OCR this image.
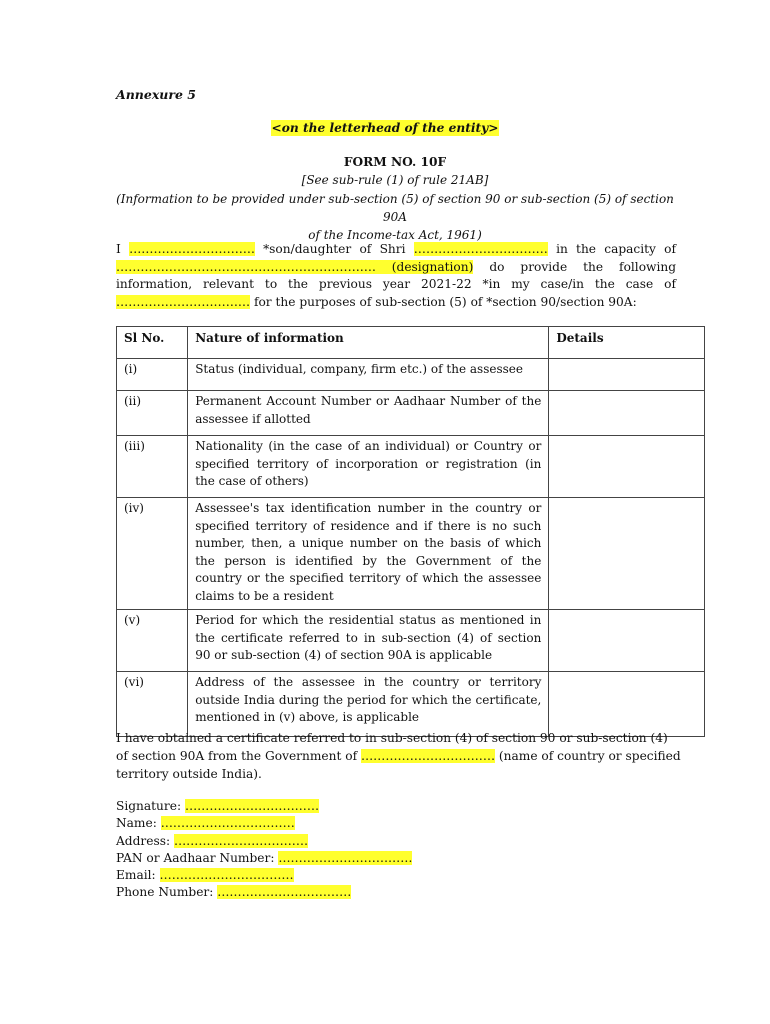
Annexure 5
<on the letterhead of the entity>
FORM NO. 10F
[See sub-rule (1) of rule 21AB]
(Information to be provided under sub-section (5) of section 90 or sub-section (5) of section 90A
of the Income-tax Act, 1961)
I …………………………. *son/daughter of Shri …………………………… in the capacity of ………………………………………………………. (designation) do provide the following information, relevant to the previous year 2021-22 *in my case/in the case of …………………………… for the purposes of sub-section (5) of *section 90/section 90A:
Sl No.	Nature of information	Details
(i)	Status (individual, company, firm etc.) of the assessee	
(ii)	Permanent Account Number or Aadhaar Number of the assessee if allotted	
(iii)	Nationality (in the case of an individual) or Country or specified territory of incorporation or registration (in the case of others)	
(iv)	Assessee's tax identification number in the country or specified territory of residence and if there is no such number, then, a unique number on the basis of which the person is identified by the Government of the country or the specified territory of which the assessee claims to be a resident	
(v)	Period for which the residential status as mentioned in the certificate referred to in sub-section (4) of section 90 or sub-section (4) of section 90A is applicable	
(vi)	Address of the assessee in the country or territory outside India during the period for which the certificate, mentioned in (v) above, is applicable	
I have obtained a certificate referred to in sub-section (4) of section 90 or sub-section (4) of section 90A from the Government of …………………………… (name of country or specified territory outside India).
Signature: ……………………………
Name: ……………………………
Address: ……………………………
PAN or Aadhaar Number: ……………………………
Email: ……………………………
Phone Number: ……………………………
